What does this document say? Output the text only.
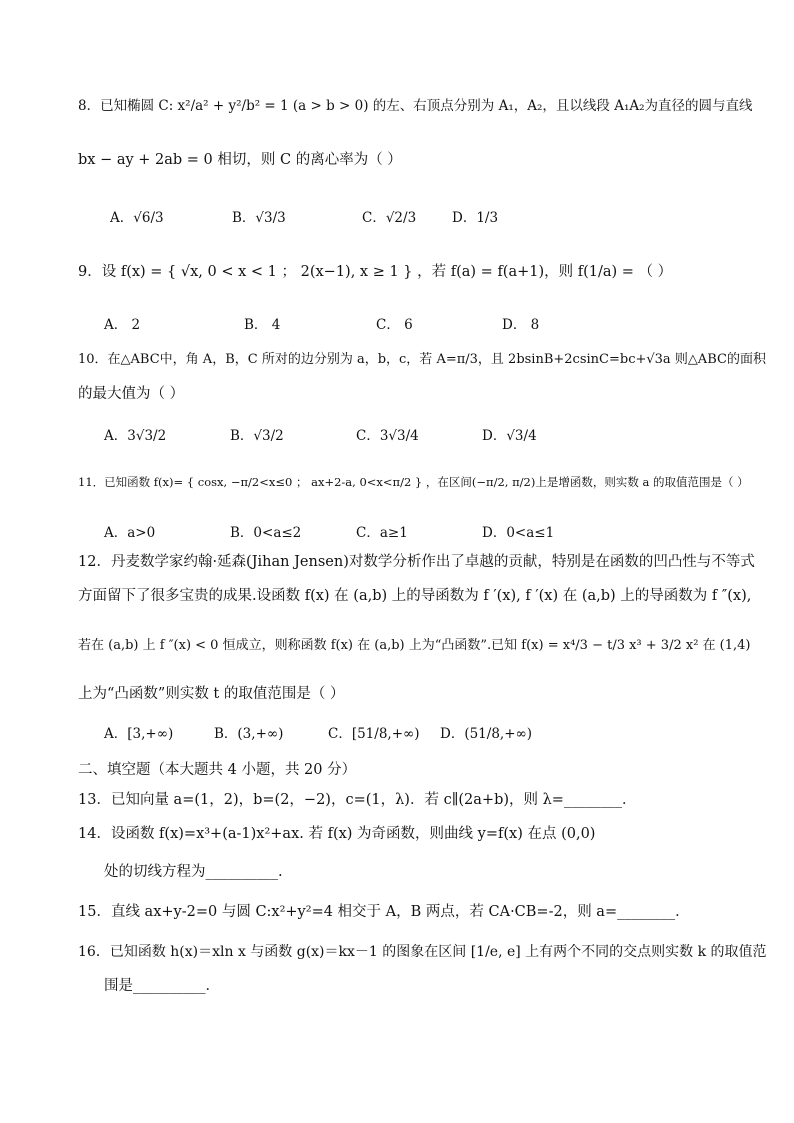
8．已知椭圆 C: x²/a² + y²/b² = 1 (a > b > 0) 的左、右顶点分别为 A₁，A₂，且以线段 A₁A₂为直径的圆与直线
bx − ay + 2ab = 0 相切，则 C 的离心率为（ ）
A．√6/3	B．√3/3	C．√2/3	D．1/3
9．设 f(x) = { √x, 0 < x < 1 ； 2(x−1), x ≥ 1 } ，若 f(a) = f(a+1)，则 f(1/a) = （ ）
A． 2	B． 4	C． 6	D． 8
10．在△ABC中，角 A，B，C 所对的边分别为 a，b，c，若 A=π/3，且 2bsinB+2csinC=bc+√3a 则△ABC的面积
的最大值为（ ）
A．3√3/2	B．√3/2	C．3√3/4	D．√3/4
11．已知函数 f(x)= { cosx, −π/2<x≤0 ； ax+2-a, 0<x<π/2 } ，在区间(−π/2, π/2)上是增函数，则实数 a 的取值范围是（ ）
A．a>0	B．0<a≤2	C．a≥1	D．0<a≤1
12．丹麦数学家约翰·延森(Jihan Jensen)对数学分析作出了卓越的贡献，特别是在函数的凹凸性与不等式
方面留下了很多宝贵的成果.设函数 f(x) 在 (a,b) 上的导函数为 f ′(x), f ′(x) 在 (a,b) 上的导函数为 f ″(x),
若在 (a,b) 上 f ″(x) < 0 恒成立，则称函数 f(x) 在 (a,b) 上为“凸函数”.已知 f(x) = x⁴/3 − t/3 x³ + 3/2 x² 在 (1,4)
上为“凸函数”则实数 t 的取值范围是（ ）
A．[3,+∞)	B．(3,+∞)	C．[51/8,+∞) D．(51/8,+∞)
二、填空题（本大题共 4 小题，共 20 分）
13．已知向量 a=(1，2)，b=(2，−2)，c=(1，λ)．若 c∥(2a+b)，则 λ=________．
14．设函数 f(x)=x³+(a-1)x²+ax. 若 f(x) 为奇函数，则曲线 y=f(x) 在点 (0,0)
处的切线方程为__________.
15．直线 ax+y-2=0 与圆 C:x²+y²=4 相交于 A，B 两点，若 CA·CB=-2，则 a=________．
16．已知函数 h(x)＝xln x 与函数 g(x)＝kx－1 的图象在区间 [1/e, e] 上有两个不同的交点则实数 k 的取值范
围是__________．
